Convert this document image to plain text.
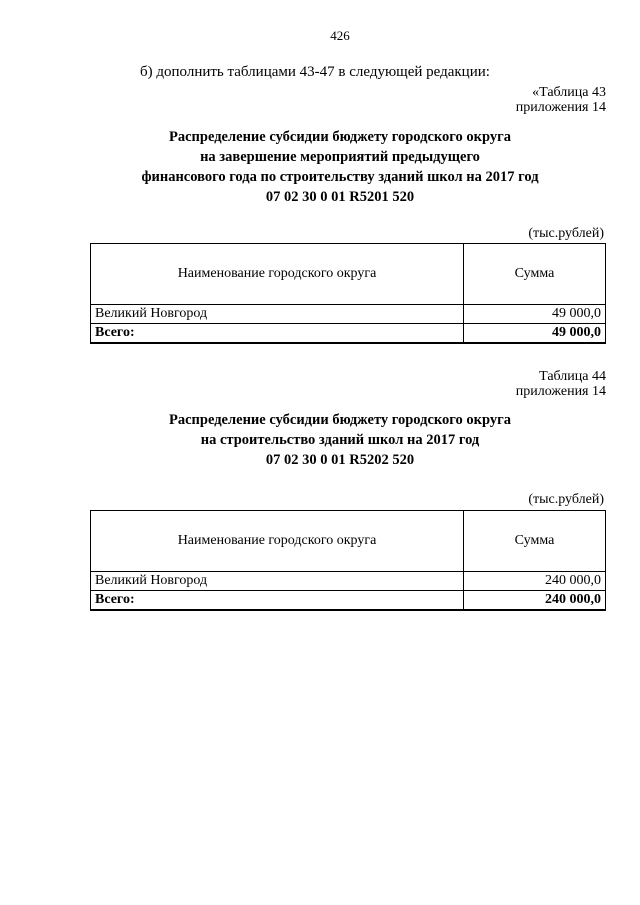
426
б) дополнить таблицами 43-47 в следующей редакции:
«Таблица 43
приложения 14
Распределение субсидии бюджету городского округа
на завершение мероприятий предыдущего
финансового года по строительству зданий школ на 2017 год
07 02 30 0 01 R5201 520
(тыс.рублей)
Наименование городского округа	Сумма
Великий Новгород	49 000,0
Всего:	49 000,0
Таблица 44
приложения 14
Распределение субсидии бюджету городского округа
на строительство зданий школ на 2017 год
07 02 30 0 01 R5202 520
(тыс.рублей)
Наименование городского округа	Сумма
Великий Новгород	240 000,0
Всего:	240 000,0
